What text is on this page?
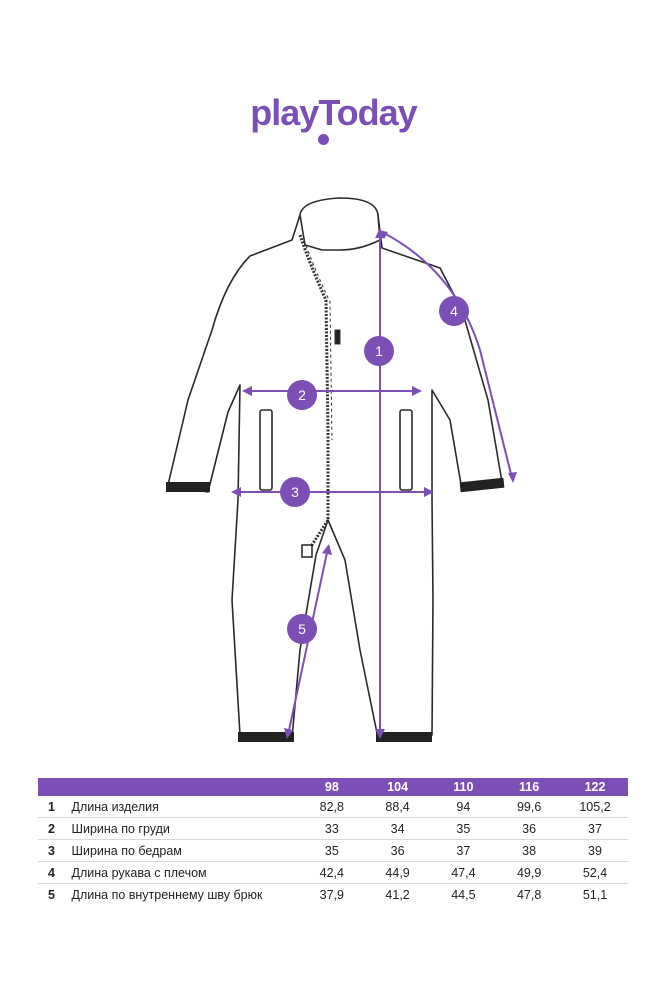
playToday
1
2
3
4
5
		98	104	110	116	122
1	Длина изделия	82,8	88,4	94	99,6	105,2
2	Ширина по груди	33	34	35	36	37
3	Ширина по бедрам	35	36	37	38	39
4	Длина рукава с плечом	42,4	44,9	47,4	49,9	52,4
5	Длина по внутреннему шву брюк	37,9	41,2	44,5	47,8	51,1
